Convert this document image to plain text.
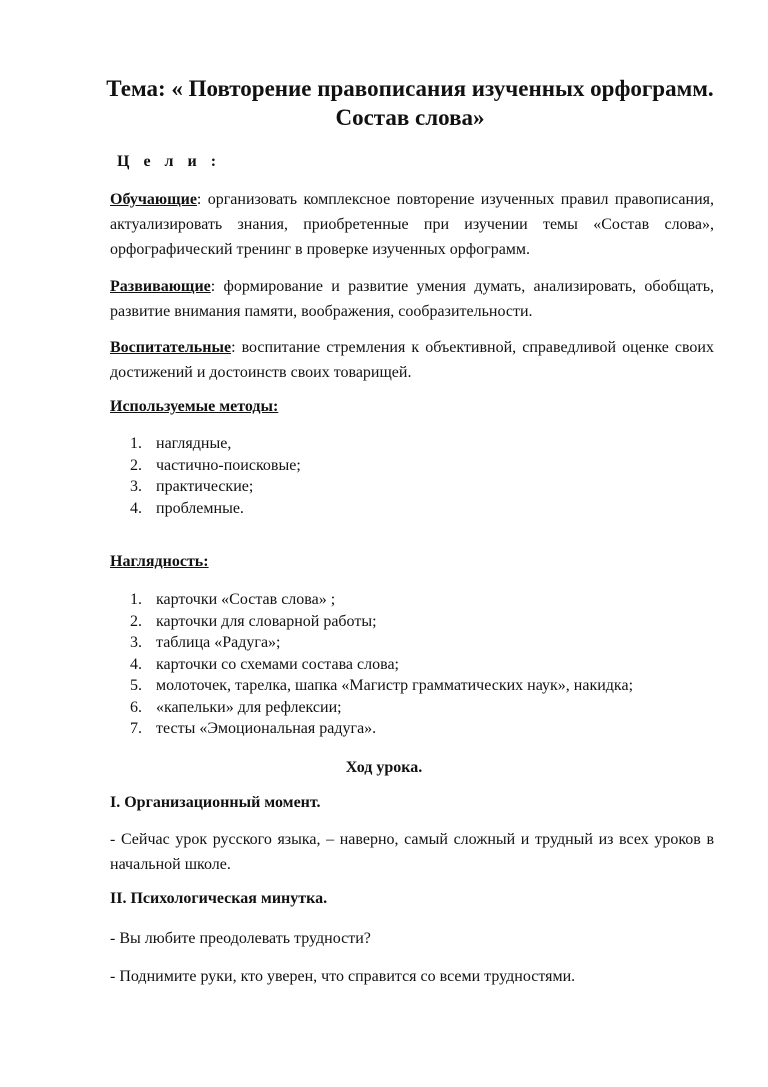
Тема: « Повторение правописания изученных орфограмм. Состав слова»
Ц е л и :
Обучающие: организовать комплексное повторение изученных правил правописания, актуализировать знания, приобретенные при изучении темы «Состав слова», орфографический тренинг в проверке изученных орфограмм.
Развивающие: формирование и развитие умения думать, анализировать, обобщать, развитие внимания памяти, воображения, сообразительности.
Воспитательные: воспитание стремления к объективной, справедливой оценке своих достижений и достоинств своих товарищей.
Используемые методы:
1. наглядные,
2. частично-поисковые;
3. практические;
4. проблемные.
Наглядность:
1. карточки «Состав слова» ;
2. карточки для словарной работы;
3. таблица «Радуга»;
4. карточки со схемами состава слова;
5. молоточек, тарелка, шапка «Магистр грамматических наук», накидка;
6. «капельки» для рефлексии;
7. тесты «Эмоциональная радуга».
Ход урока.
I. Организационный момент.
- Сейчас урок русского языка, – наверно, самый сложный и трудный из всех уроков в начальной школе.
II. Психологическая минутка.
- Вы любите преодолевать трудности?
- Поднимите руки, кто уверен, что справится со всеми трудностями.
